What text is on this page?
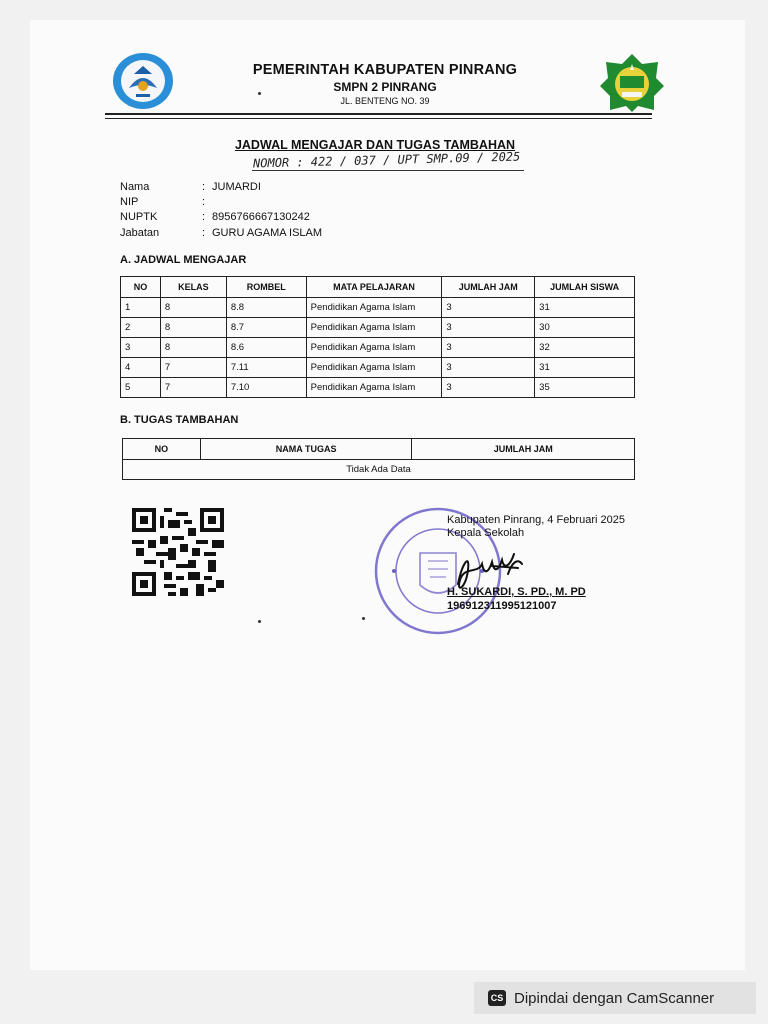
PEMERINTAH KABUPATEN PINRANG
SMPN 2 PINRANG
JL. BENTENG NO. 39
JADWAL MENGAJAR DAN TUGAS TAMBAHAN
NOMOR : 422 / 037 / UPT SMP.09 / 2025
Nama	: JUMARDI
NIP	:
NUPTK	: 8956766667130242
Jabatan	: GURU AGAMA ISLAM
A. JADWAL MENGAJAR
NO	KELAS	ROMBEL	MATA PELAJARAN	JUMLAH JAM	JUMLAH SISWA
1	8	8.8	Pendidikan Agama Islam	3	31
2	8	8.7	Pendidikan Agama Islam	3	30
3	8	8.6	Pendidikan Agama Islam	3	32
4	7	7.11	Pendidikan Agama Islam	3	31
5	7	7.10	Pendidikan Agama Islam	3	35
B. TUGAS TAMBAHAN
NO	NAMA TUGAS	JUMLAH JAM
Tidak Ada Data
Kabupaten Pinrang, 4 Februari 2025
Kepala Sekolah
H. SUKARDI, S. PD., M. PD
196912311995121007
CS Dipindai dengan CamScanner
